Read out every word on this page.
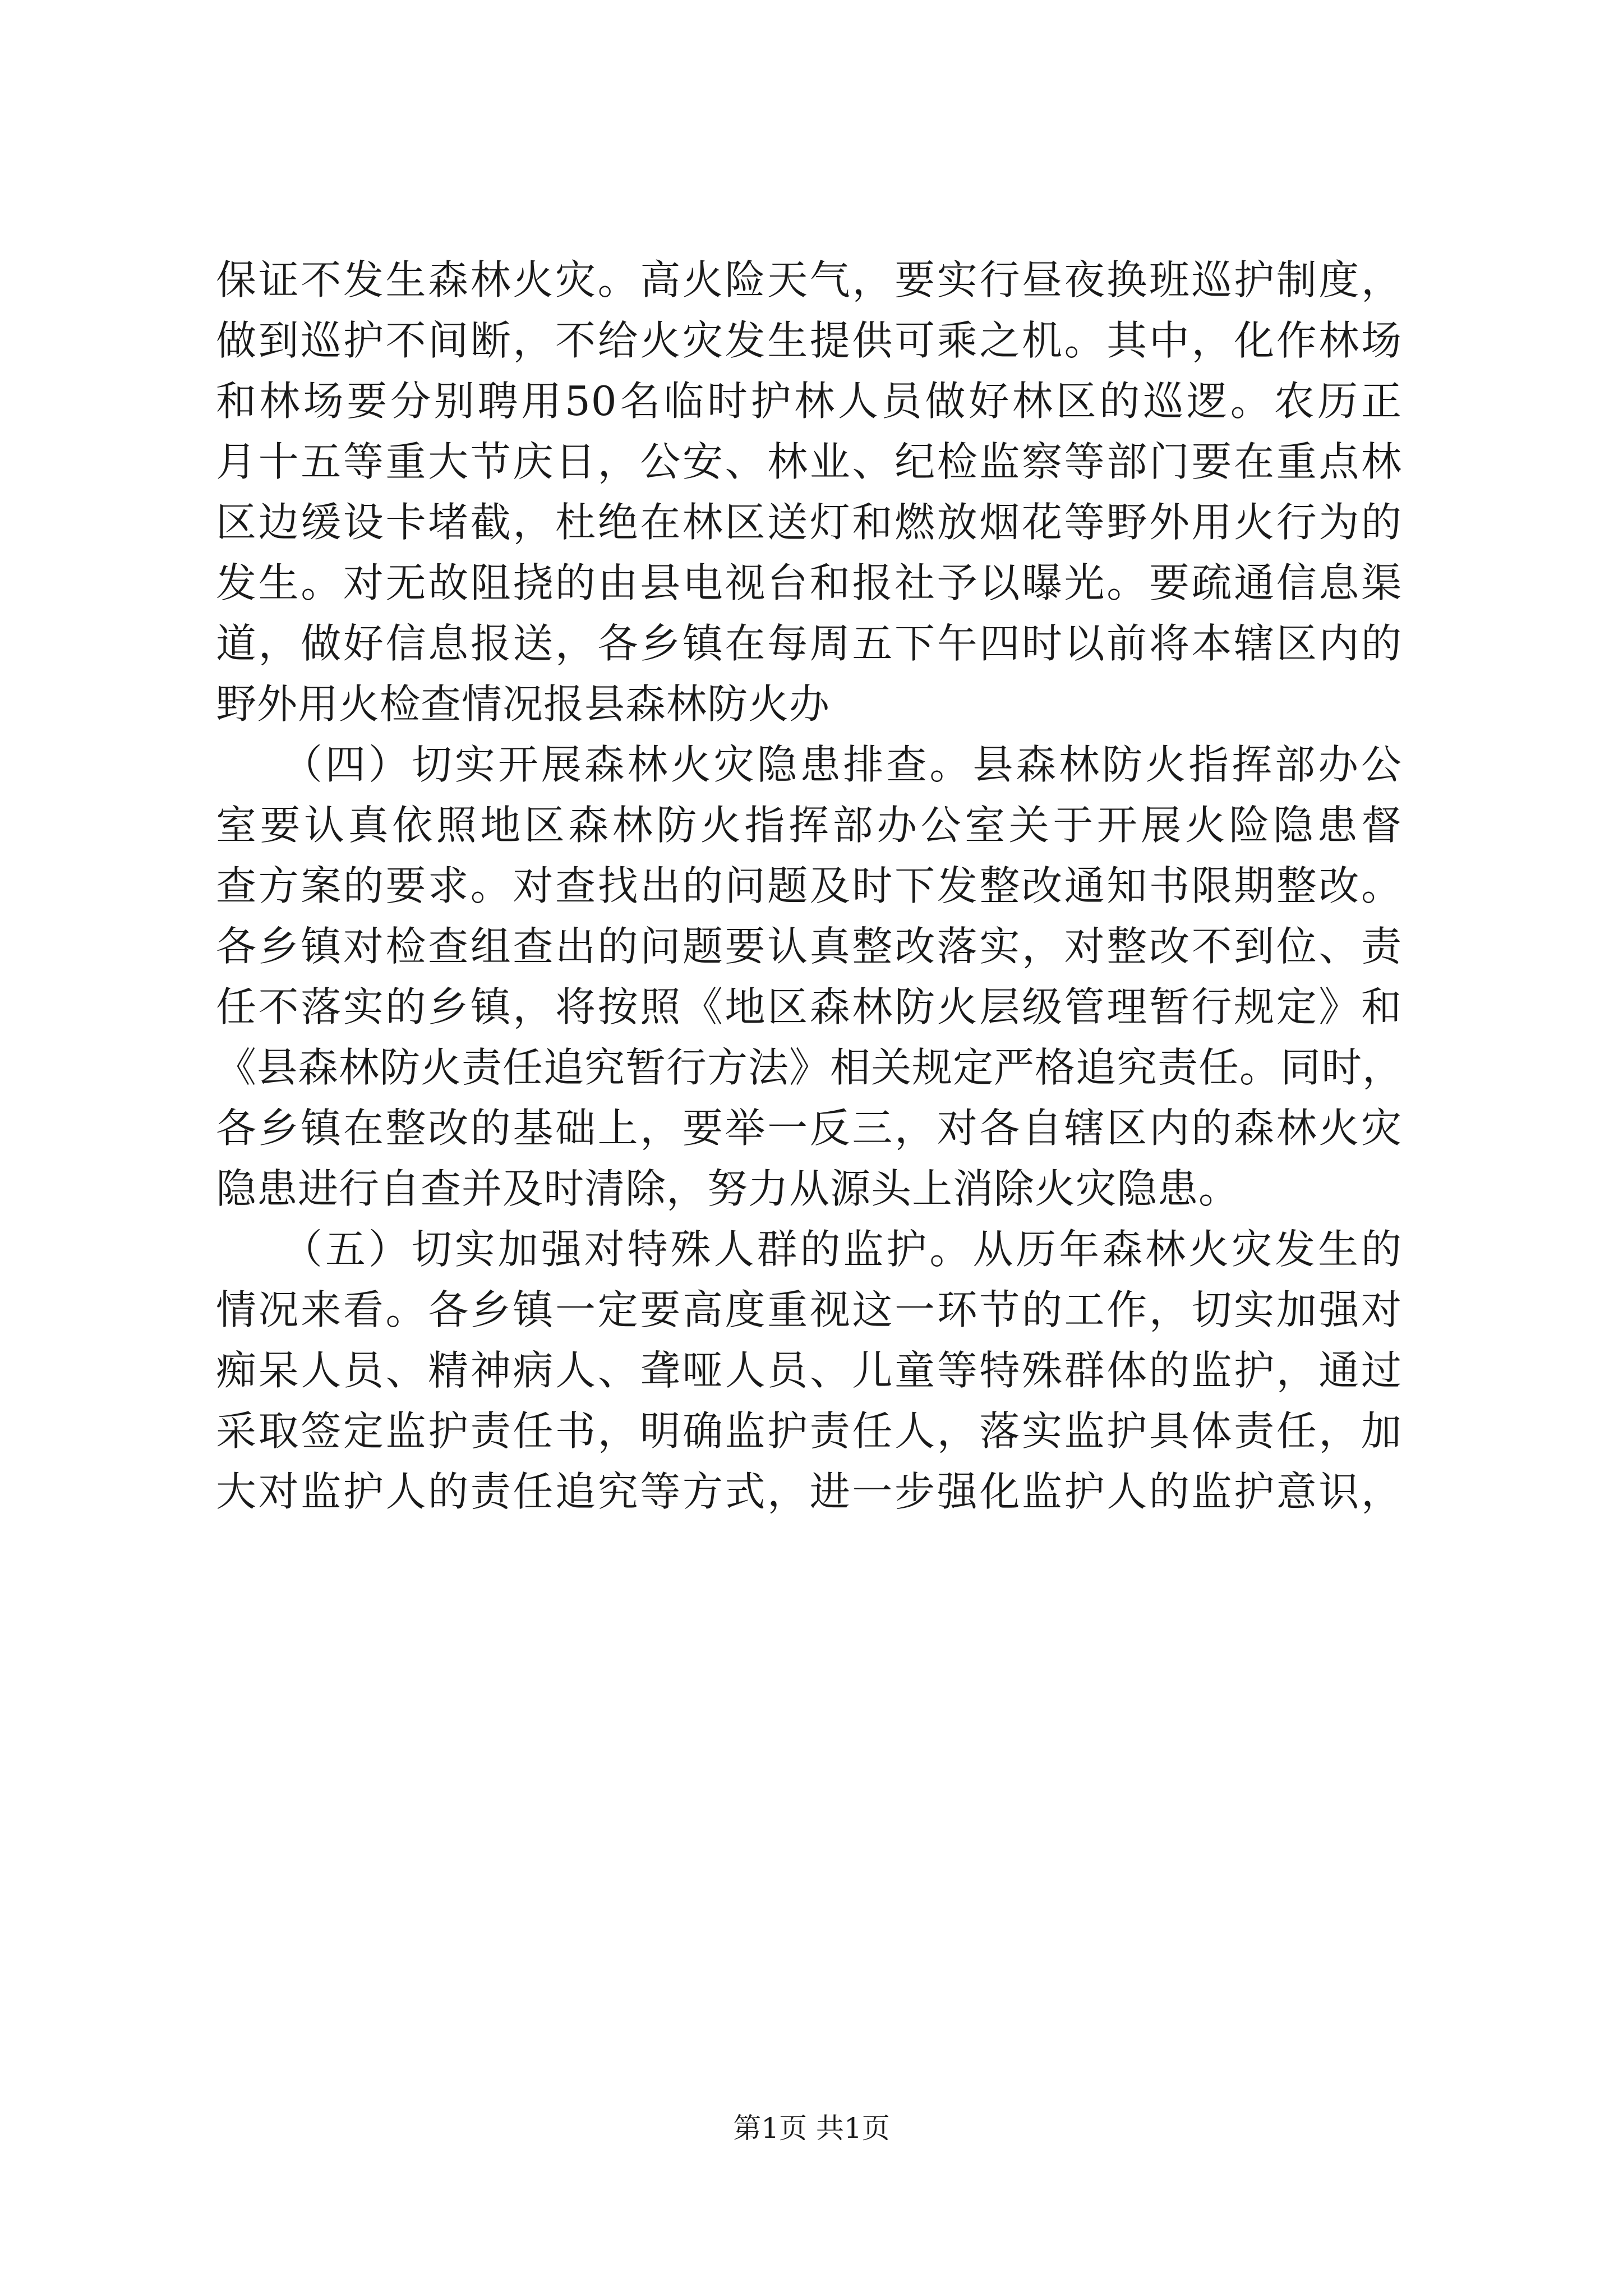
保证不发生森林火灾。高火险天气，要实行昼夜换班巡护制度，

做到巡护不间断，不给火灾发生提供可乘之机。其中，化作林场

和林场要分别聘用50名临时护林人员做好林区的巡逻。农历正

月十五等重大节庆日，公安、林业、纪检监察等部门要在重点林

区边缓设卡堵截，杜绝在林区送灯和燃放烟花等野外用火行为的

发生。对无故阻挠的由县电视台和报社予以曝光。要疏通信息渠

道，做好信息报送，各乡镇在每周五下午四时以前将本辖区内的

野外用火检查情况报县森林防火办

　　（四）切实开展森林火灾隐患排查。县森林防火指挥部办公

室要认真依照地区森林防火指挥部办公室关于开展火险隐患督

查方案的要求。对查找出的问题及时下发整改通知书限期整改。

各乡镇对检查组查出的问题要认真整改落实，对整改不到位、责

任不落实的乡镇，将按照《地区森林防火层级管理暂行规定》和

《县森林防火责任追究暂行方法》相关规定严格追究责任。同时，

各乡镇在整改的基础上，要举一反三，对各自辖区内的森林火灾

隐患进行自查并及时清除，努力从源头上消除火灾隐患。

　　（五）切实加强对特殊人群的监护。从历年森林火灾发生的

情况来看。各乡镇一定要高度重视这一环节的工作，切实加强对

痴呆人员、精神病人、聋哑人员、儿童等特殊群体的监护，通过

采取签定监护责任书，明确监护责任人，落实监护具体责任，加

大对监护人的责任追究等方式，进一步强化监护人的监护意识，

第1页 共1页
